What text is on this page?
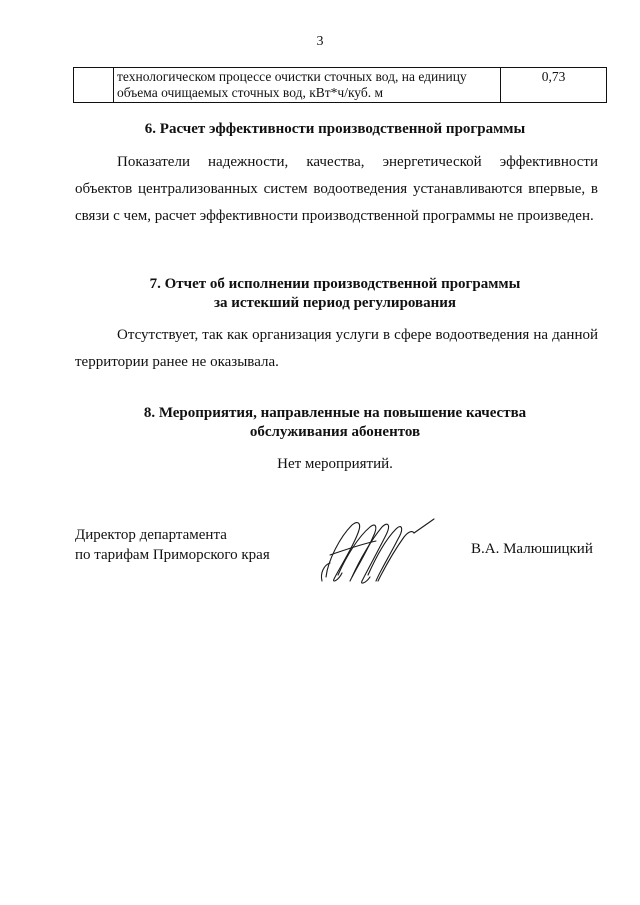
3
	технологическом процессе очистки сточных вод, на единицу
объема очищаемых сточных вод, кВт*ч/куб. м	0,73
6. Расчет эффективности производственной программы
Показатели надежности, качества, энергетической эффективности объектов централизованных систем водоотведения устанавливаются впервые, в связи с чем, расчет эффективности производственной программы не произведен.
7. Отчет об исполнении производственной программы
за истекший период регулирования
Отсутствует, так как организация услуги в сфере водоотведения на данной территории ранее не оказывала.
8. Мероприятия, направленные на повышение качества
обслуживания абонентов
Нет мероприятий.
Директор департамента
по тарифам Приморского края	В.А. Малюшицкий
